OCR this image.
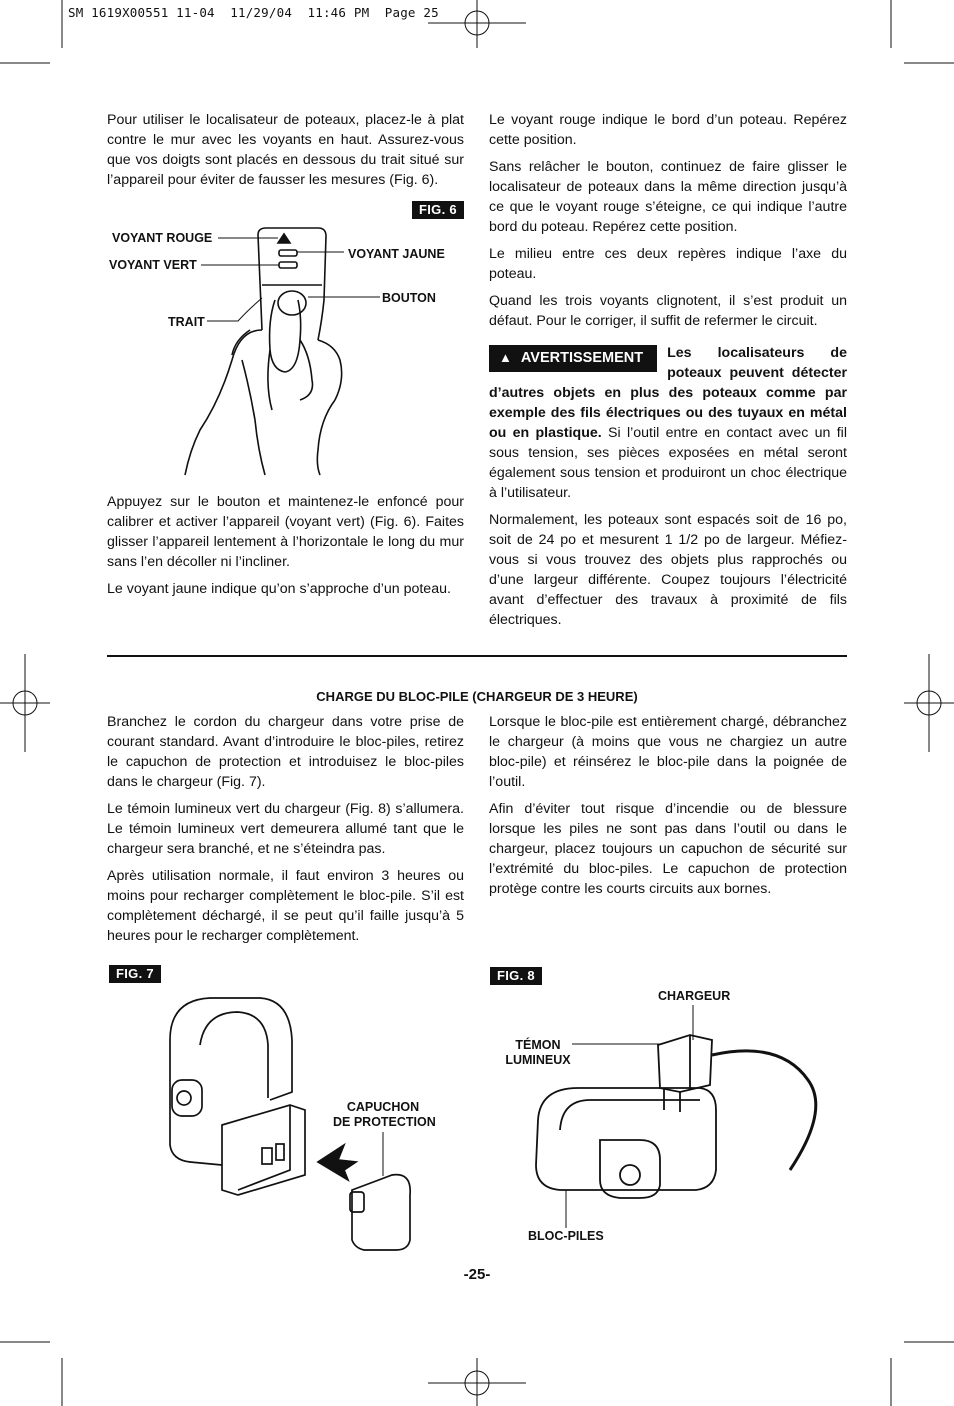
SM 1619X00551 11-04  11/29/04  11:46 PM  Page 25

Pour utiliser le localisateur de poteaux, placez-le à plat contre le mur avec les voyants en haut. Assurez-vous que vos doigts sont placés en dessous du trait situé sur l’appareil pour éviter de fausser les mesures (Fig. 6).

FIG. 6
VOYANT ROUGE
VOYANT VERT
VOYANT JAUNE
BOUTON
TRAIT

Appuyez sur le bouton et maintenez-le enfoncé pour calibrer et activer l’appareil (voyant vert) (Fig. 6). Faites glisser l’appareil lentement à l’horizontale le long du mur sans l’en décoller ni l’incliner.

Le voyant jaune indique qu’on s’approche d’un poteau.

Le voyant rouge indique le bord d’un poteau. Repérez cette position.

Sans relâcher le bouton, continuez de faire glisser le localisateur de poteaux dans la même direction jusqu’à ce que le voyant rouge s’éteigne, ce qui indique l’autre bord du poteau. Repérez cette position.

Le milieu entre ces deux repères indique l’axe du poteau.

Quand les trois voyants clignotent, il s’est produit un défaut. Pour le corriger, il suffit de refermer le circuit.

▲ AVERTISSEMENT	Les localisateurs de poteaux peuvent détecter d’autres objets en plus des poteaux comme par exemple des fils électriques ou des tuyaux en métal ou en plastique. Si l’outil entre en contact avec un fil sous tension, ses pièces exposées en métal seront également sous tension et produiront un choc électrique à l’utilisateur.

Normalement, les poteaux sont espacés soit de 16 po, soit de 24 po et mesurent 1 1/2 po de largeur. Méfiez-vous si vous trouvez des objets plus rapprochés ou d’une largeur différente. Coupez toujours l’électricité avant d’effectuer des travaux à proximité de fils électriques.

CHARGE DU BLOC-PILE (CHARGEUR DE 3 HEURE)

Branchez le cordon du chargeur dans votre prise de courant standard. Avant d’introduire le bloc-piles, retirez le capuchon de protection et introduisez le bloc-piles dans le chargeur (Fig. 7).

Le témoin lumineux vert du chargeur (Fig. 8) s’allumera. Le témoin lumineux vert demeurera allumé tant que le chargeur sera branché, et ne s’éteindra pas.

Après utilisation normale, il faut environ 3 heures ou moins pour recharger complètement le bloc-pile. S’il est complètement déchargé, il se peut qu’il faille jusqu’à 5 heures pour le recharger complètement.

Lorsque le bloc-pile est entièrement chargé, débranchez le chargeur (à moins que vous ne chargiez un autre bloc-pile) et réinsérez le bloc-pile dans la poignée de l’outil.

Afin d’éviter tout risque d’incendie ou de blessure lorsque les piles ne sont pas dans l’outil ou dans le chargeur, placez toujours un capuchon de sécurité sur l’extrémité du bloc-piles. Le capuchon de protection protège contre les courts circuits aux bornes.

FIG. 7
CAPUCHON
DE PROTECTION
FIG. 8
CHARGEUR
TÉMON
LUMINEUX
BLOC-PILES
-25-
